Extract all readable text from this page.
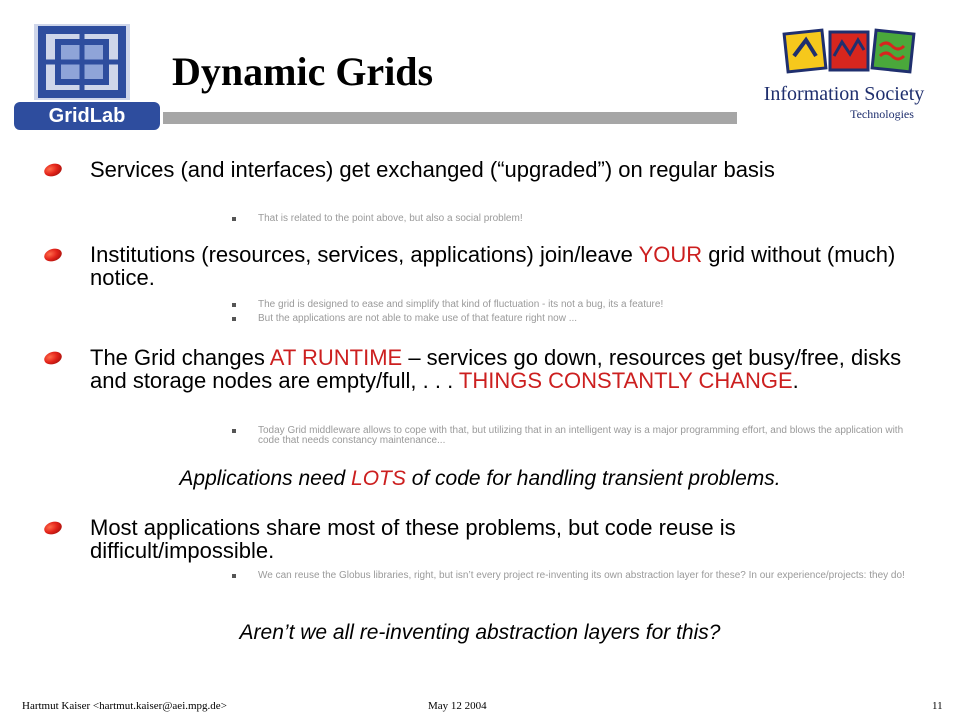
GridLab
Information Society
Technologies
Dynamic Grids
Services (and interfaces) get exchanged (“upgraded”) on regular basis
That is related to the point above, but also a social problem!
Institutions (resources, services, applications) join/leave YOUR grid without (much) notice.
The grid is designed to ease and simplify that kind of fluctuation - its not a bug, its a feature!
But the applications are not able to make use of that feature right now ...
The Grid changes AT RUNTIME – services go down, resources get busy/free, disks and storage nodes are empty/full, . . . THINGS CONSTANTLY CHANGE.
Today Grid middleware allows to cope with that, but utilizing that in an intelligent way is a major programming effort, and blows the application with code that needs constancy maintenance...
Applications need LOTS of code for handling transient problems.
Most applications share most of these problems, but code reuse is difficult/impossible.
We can reuse the Globus libraries, right, but isn’t every project re-inventing its own abstraction layer for these? In our experience/projects: they do!
Aren’t we all re-inventing abstraction layers for this?
Hartmut Kaiser <hartmut.kaiser@aei.mpg.de>	May 12 2004	11
